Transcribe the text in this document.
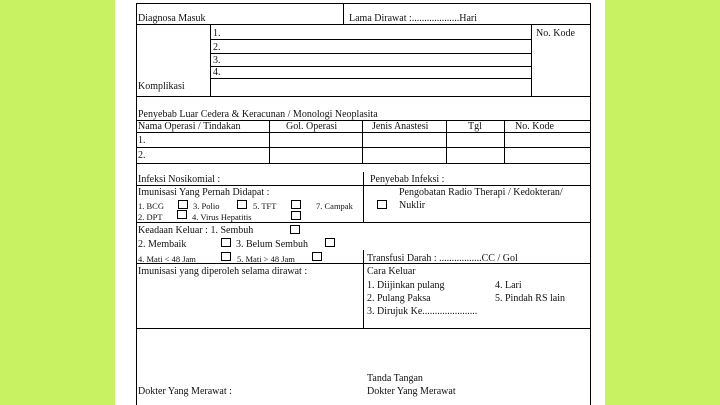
Diagnosa Masuk	Lama Dirawat :...................Hari
No. Kode
1.
2.
3.
4.
Komplikasi
Penyebab Luar Cedera & Keracunan / Monologi Neoplasita
Nama Operasi / Tindakan	Gol. Operasi	Jenis Anastesi	Tgl	No. Kode
1.
2.
Infeksi Nosikomial :	Penyebab Infeksi :
Imunisasi Yang Pernah Didapat :
1. BCG	3. Polio	5. TFT	7. Campak
2. DPT	4. Virus Hepatitis
Pengobatan Radio Therapi / Kedokteran/
Nuklir
Keadaan Keluar : 1. Sembuh
2. Membaik	3. Belum Sembuh
4. Mati < 48 Jam	5. Mati > 48 Jam	Transfusi Darah : .................CC / Gol
Imunisasi yang diperoleh selama dirawat :	Cara Keluar
1. Diijinkan pulang	4. Lari
2. Pulang Paksa	5. Pindah RS lain
3. Dirujuk Ke......................
Dokter Yang Merawat :
Tanda Tangan
Dokter Yang Merawat
